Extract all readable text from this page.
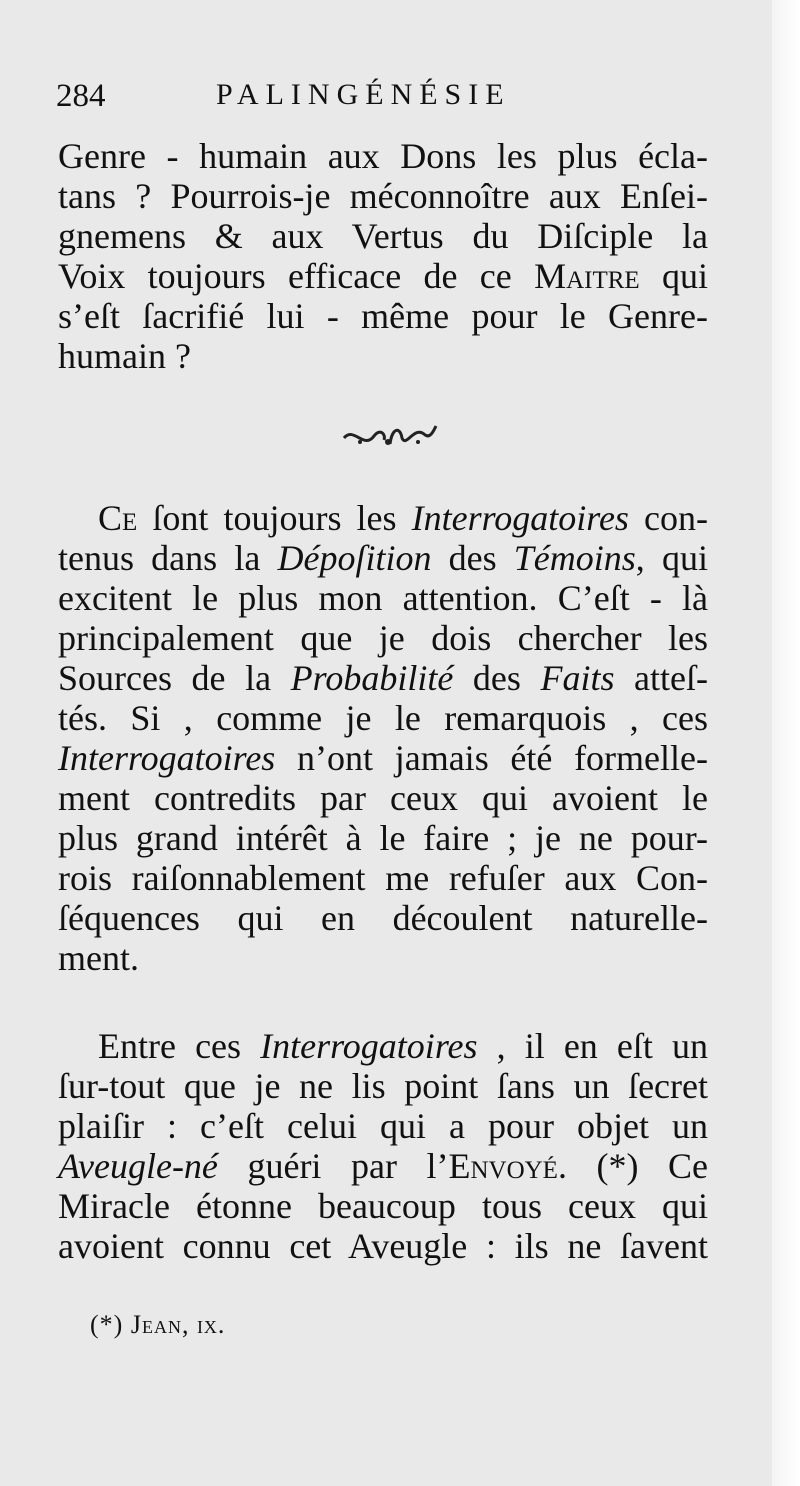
284	PALINGÉNÉSIE
Genre - humain aux Dons les plus écla-
tans ? Pourrois-je méconnoître aux Enſei-
gnemens & aux Vertus du Diſciple la
Voix toujours efficace de ce Maitre qui
s’eſt ſacrifié lui - même pour le Genre-
humain ?
Ce ſont toujours les Interrogatoires con-
tenus dans la Dépoſition des Témoins, qui
excitent le plus mon attention. C’eſt - là
principalement que je dois chercher les
Sources de la Probabilité des Faits atteſ-
tés. Si , comme je le remarquois , ces
Interrogatoires n’ont jamais été formelle-
ment contredits par ceux qui avoient le
plus grand intérêt à le faire ; je ne pour-
rois raiſonnablement me refuſer aux Con-
ſéquences qui en découlent naturelle-
ment.
Entre ces Interrogatoires , il en eſt un
ſur-tout que je ne lis point ſans un ſecret
plaiſir : c’eſt celui qui a pour objet un
Aveugle-né guéri par l’Envoyé. (*) Ce
Miracle étonne beaucoup tous ceux qui
avoient connu cet Aveugle : ils ne ſavent
(*) Jean, ix.
